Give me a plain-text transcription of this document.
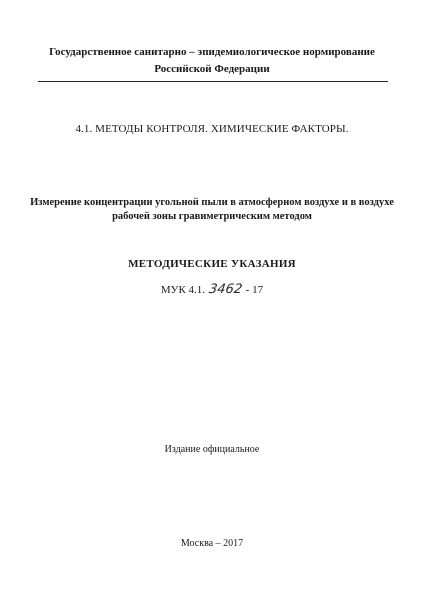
Государственное санитарно – эпидемиологическое нормирование
Российской Федерации
4.1. МЕТОДЫ КОНТРОЛЯ. ХИМИЧЕСКИЕ ФАКТОРЫ.
Измерение концентрации угольной пыли в атмосферном воздухе и в воздухе
рабочей зоны гравиметрическим методом
МЕТОДИЧЕСКИЕ УКАЗАНИЯ
МУК 4.1. 3462 - 17
Издание официальное
Москва – 2017
